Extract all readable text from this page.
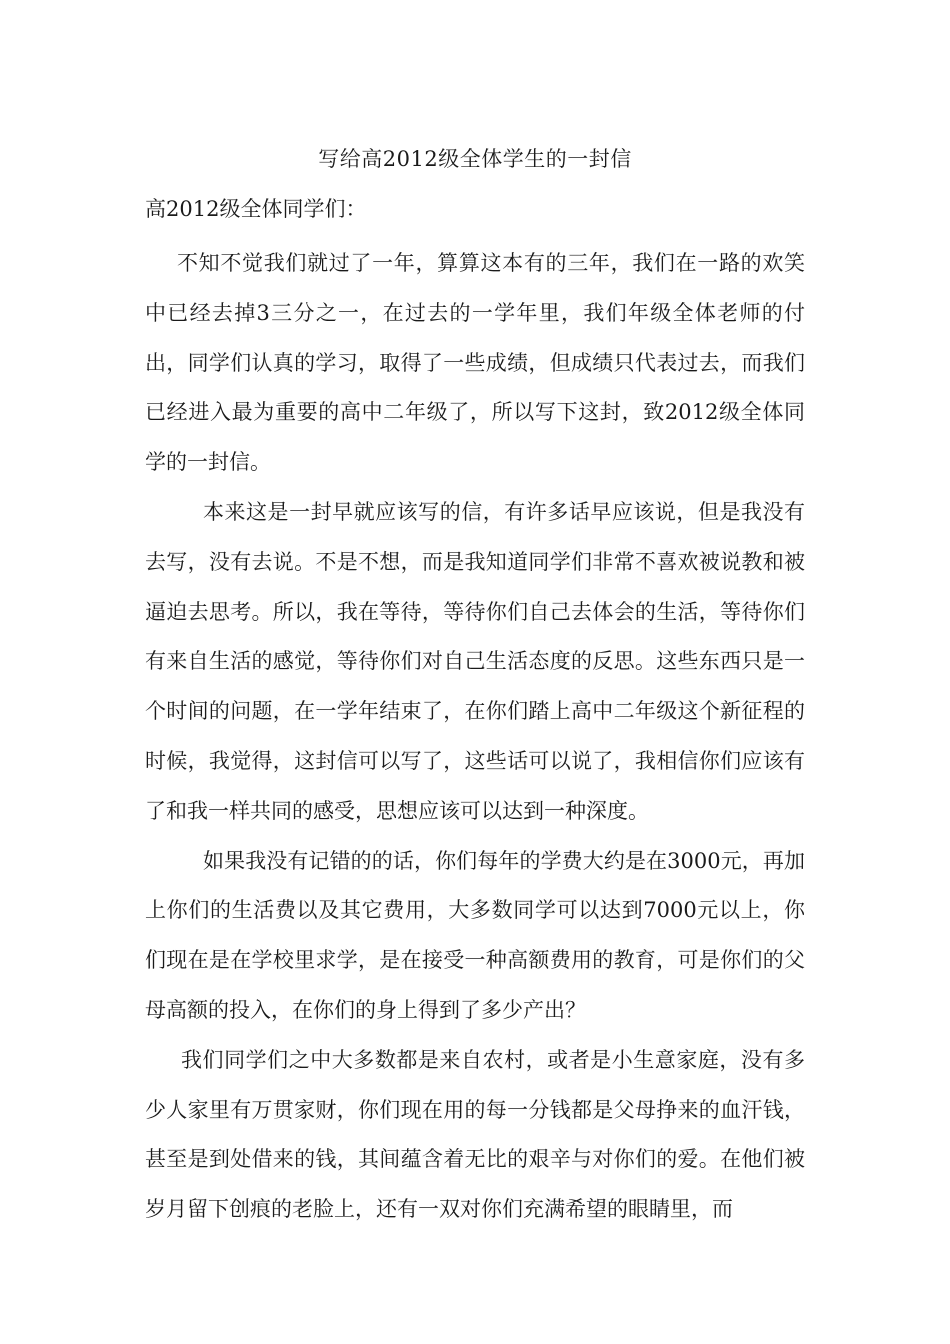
写给高2012级全体学生的一封信
高2012级全体同学们：

不知不觉我们就过了一年，算算这本有的三年，我们在一路的欢笑中已经去掉3三分之一，在过去的一学年里，我们年级全体老师的付出，同学们认真的学习，取得了一些成绩，但成绩只代表过去，而我们已经进入最为重要的高中二年级了，所以写下这封，致2012级全体同学的一封信。

本来这是一封早就应该写的信，有许多话早应该说，但是我没有去写，没有去说。不是不想，而是我知道同学们非常不喜欢被说教和被逼迫去思考。所以，我在等待，等待你们自己去体会的生活，等待你们有来自生活的感觉，等待你们对自己生活态度的反思。这些东西只是一个时间的问题，在一学年结束了，在你们踏上高中二年级这个新征程的时候，我觉得，这封信可以写了，这些话可以说了，我相信你们应该有了和我一样共同的感受，思想应该可以达到一种深度。

如果我没有记错的的话，你们每年的学费大约是在3000元，再加上你们的生活费以及其它费用，大多数同学可以达到7000元以上，你们现在是在学校里求学，是在接受一种高额费用的教育，可是你们的父母高额的投入，在你们的身上得到了多少产出？

我们同学们之中大多数都是来自农村，或者是小生意家庭，没有多少人家里有万贯家财，你们现在用的每一分钱都是父母挣来的血汗钱，甚至是到处借来的钱，其间蕴含着无比的艰辛与对你们的爱。在他们被岁月留下创痕的老脸上，还有一双对你们充满希望的眼睛里，而
